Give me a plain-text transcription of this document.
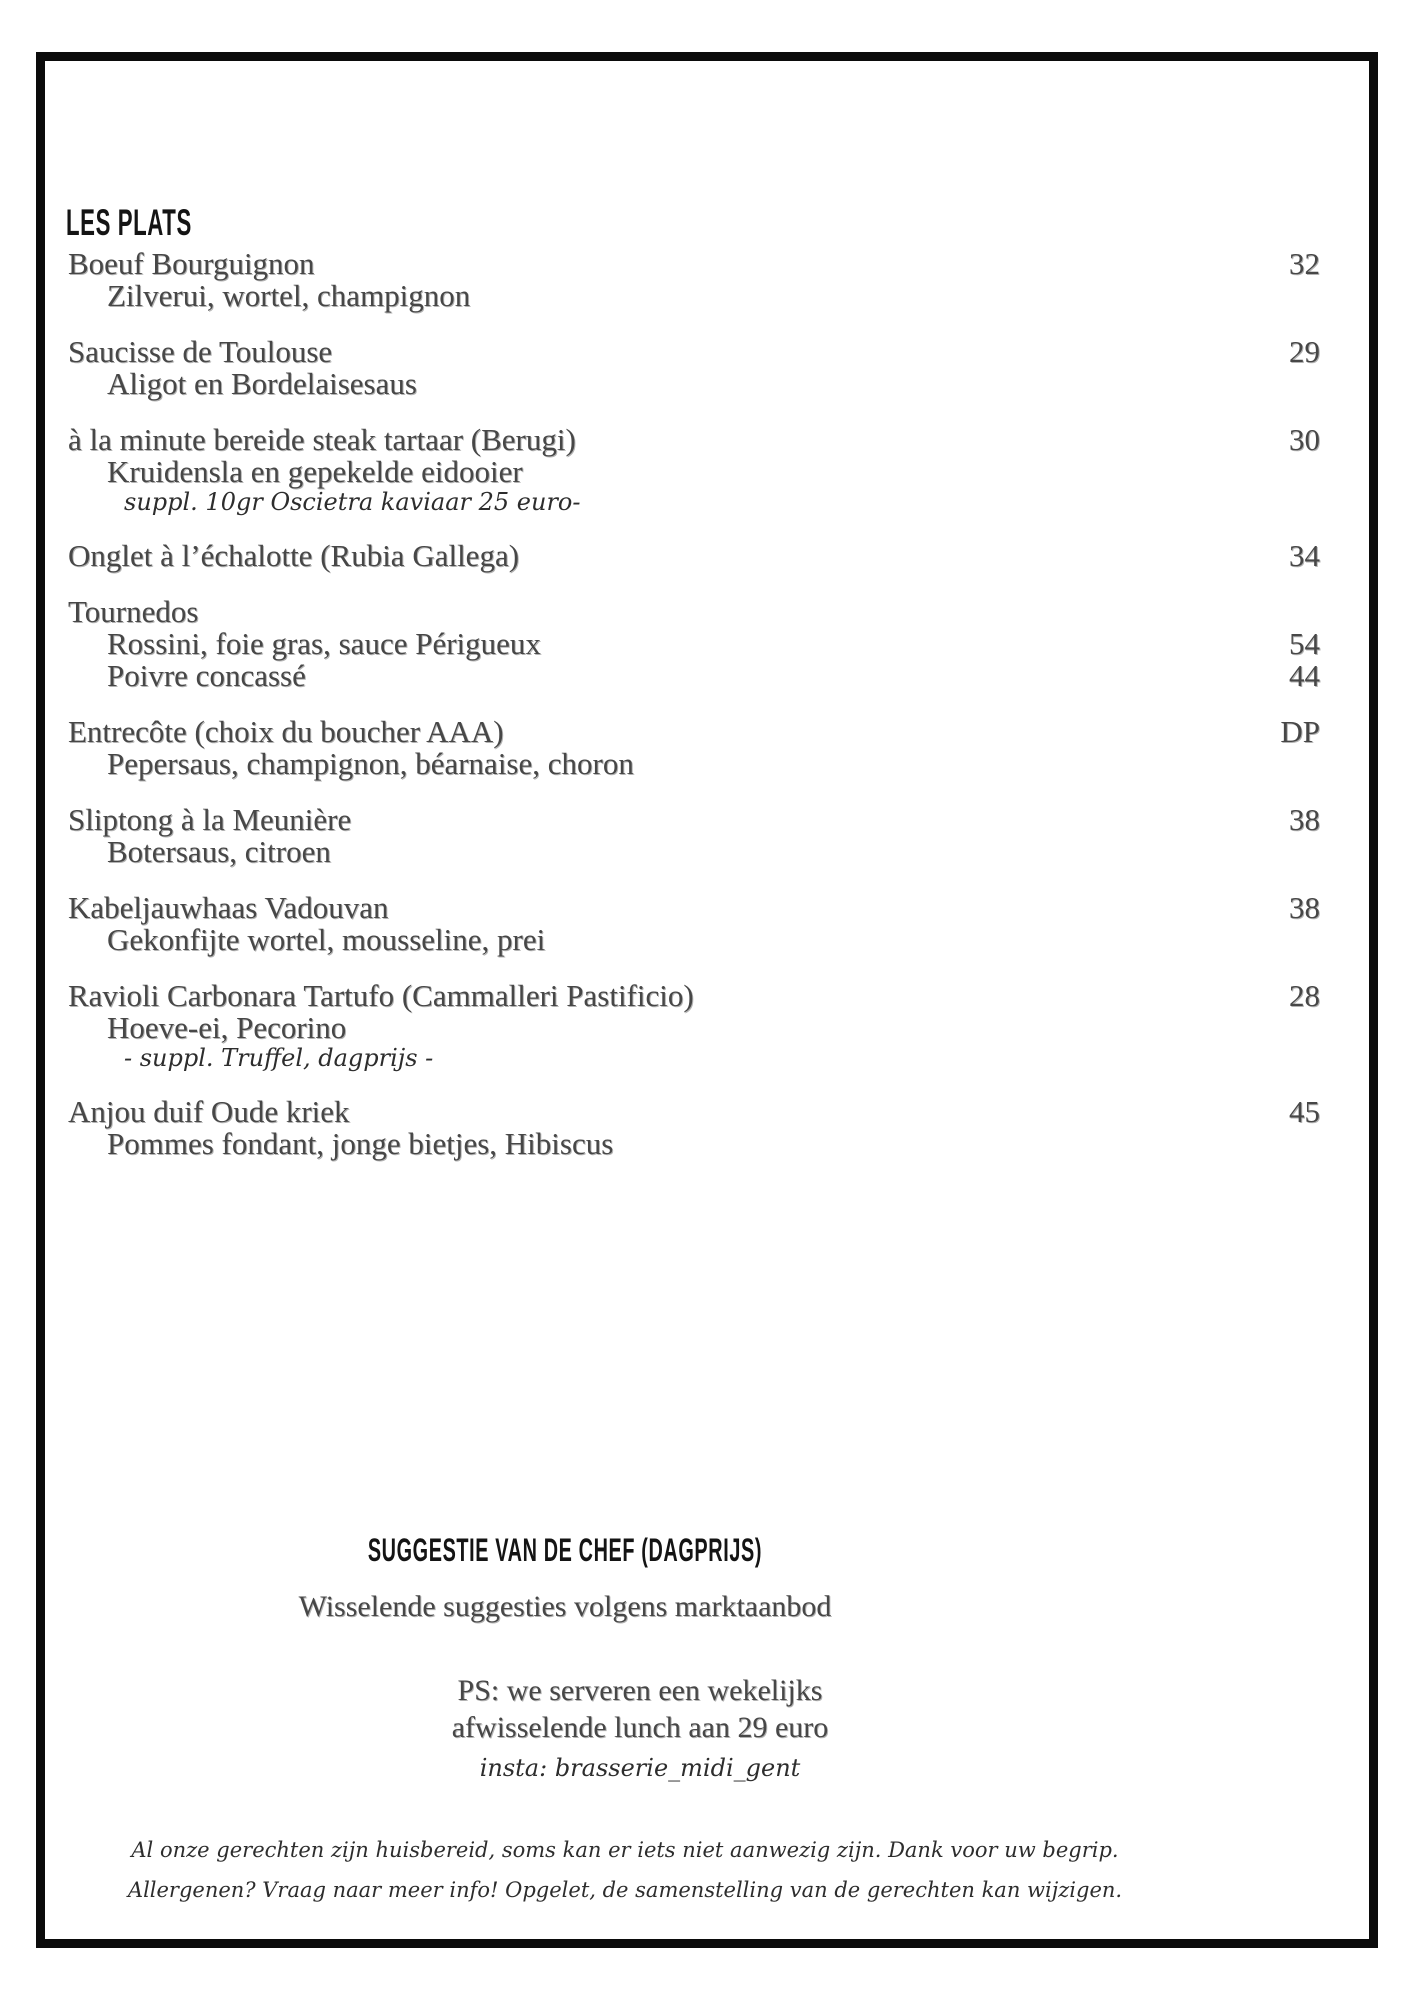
LES PLATS
Boeuf Bourguignon	32
Zilverui, wortel, champignon
Saucisse de Toulouse	29
Aligot en Bordelaisesaus
à la minute bereide steak tartaar (Berugi)	30
Kruidensla en gepekelde eidooier
suppl. 10gr Oscietra kaviaar 25 euro-
Onglet à l’échalotte (Rubia Gallega)	34
Tournedos
Rossini, foie gras, sauce Périgueux	54
Poivre concassé	44
Entrecôte (choix du boucher AAA)	DP
Pepersaus, champignon, béarnaise, choron
Sliptong à la Meunière	38
Botersaus, citroen
Kabeljauwhaas Vadouvan	38
Gekonfijte wortel, mousseline, prei
Ravioli Carbonara Tartufo (Cammalleri Pastificio)	28
Hoeve-ei, Pecorino
- suppl. Truffel, dagprijs -
Anjou duif Oude kriek	45
Pommes fondant, jonge bietjes, Hibiscus
SUGGESTIE VAN DE CHEF (DAGPRIJS)

Wisselende suggesties volgens marktaanbod

PS: we serveren een wekelijks

afwisselende lunch aan 29 euro

insta: brasserie_midi_gent

Al onze gerechten zijn huisbereid, soms kan er iets niet aanwezig zijn. Dank voor uw begrip.

Allergenen? Vraag naar meer info! Opgelet, de samenstelling van de gerechten kan wijzigen.
